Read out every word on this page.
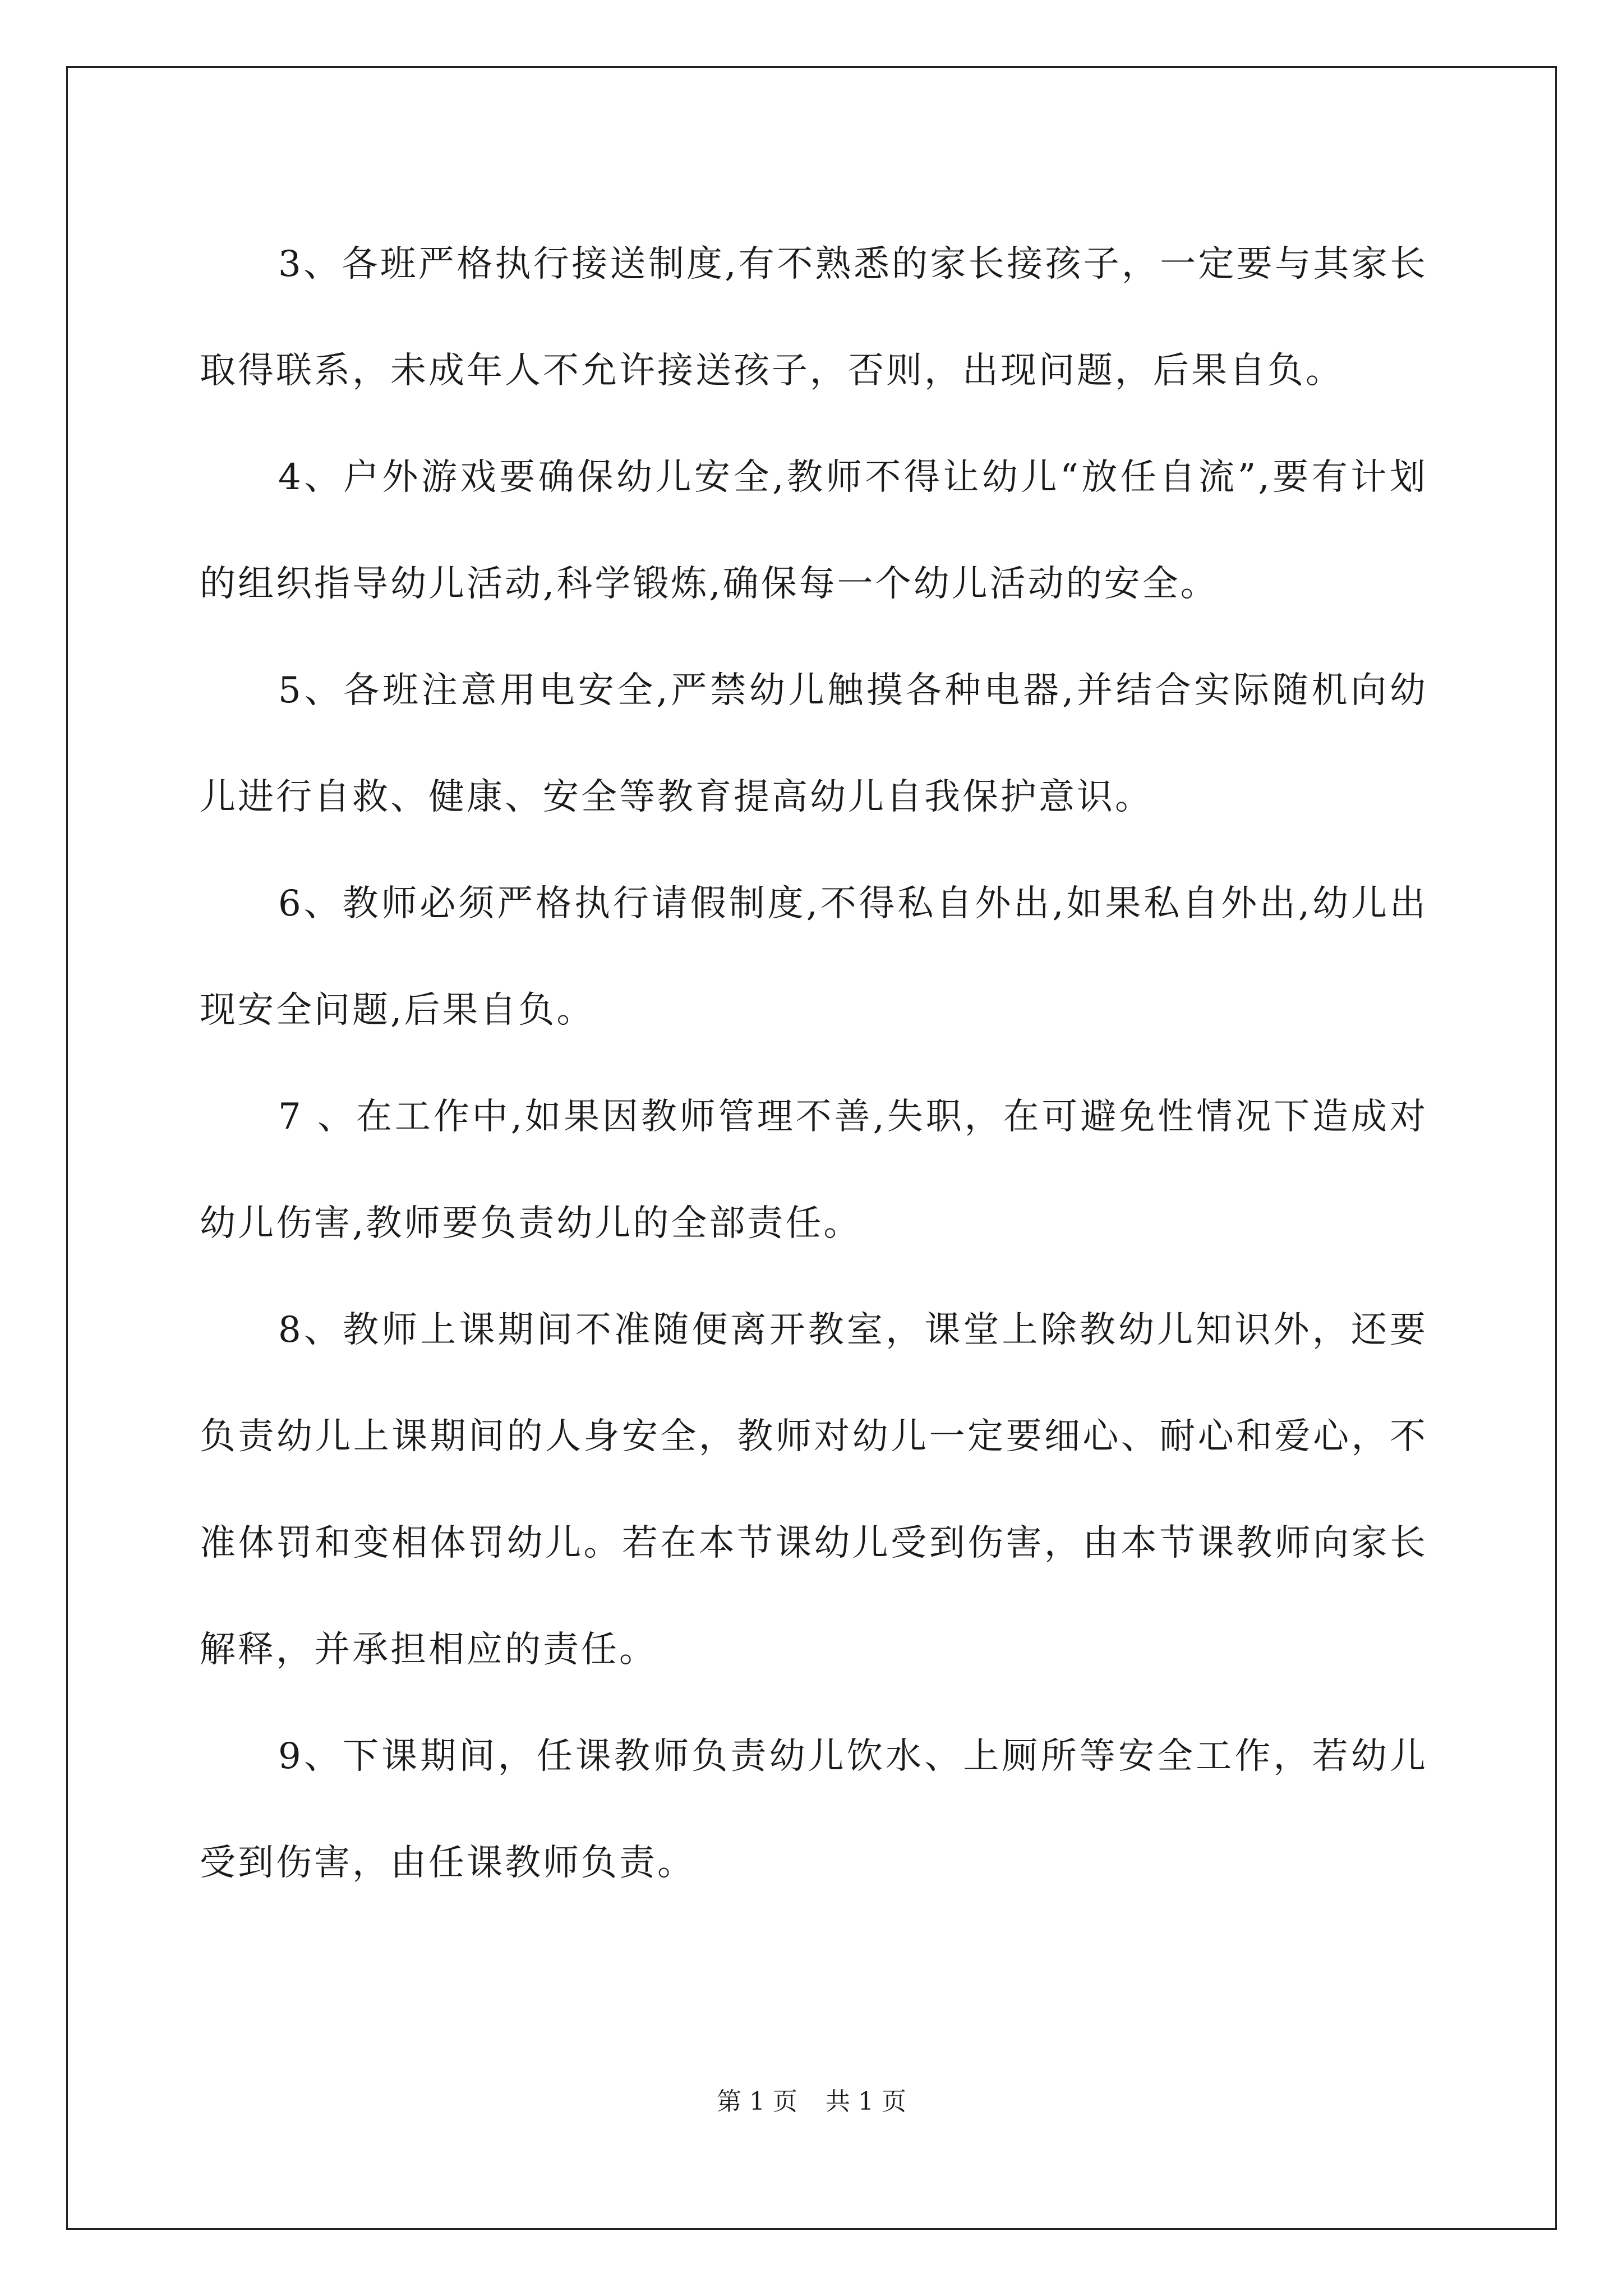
3、各班严格执行接送制度,有不熟悉的家长接孩子，一定要与其家长取得联系，未成年人不允许接送孩子，否则，出现问题，后果自负。

4、户外游戏要确保幼儿安全,教师不得让幼儿“放任自流”,要有计划的组织指导幼儿活动,科学锻炼,确保每一个幼儿活动的安全。

5、各班注意用电安全,严禁幼儿触摸各种电器,并结合实际随机向幼儿进行自救、健康、安全等教育提高幼儿自我保护意识。

6、教师必须严格执行请假制度,不得私自外出,如果私自外出,幼儿出现安全问题,后果自负。

7 、在工作中,如果因教师管理不善,失职，在可避免性情况下造成对幼儿伤害,教师要负责幼儿的全部责任。

8、教师上课期间不准随便离开教室，课堂上除教幼儿知识外，还要负责幼儿上课期间的人身安全，教师对幼儿一定要细心、耐心和爱心，不准体罚和变相体罚幼儿。若在本节课幼儿受到伤害，由本节课教师向家长解释，并承担相应的责任。

9、下课期间，任课教师负责幼儿饮水、上厕所等安全工作，若幼儿受到伤害，由任课教师负责。

第 1 页 共 1 页
